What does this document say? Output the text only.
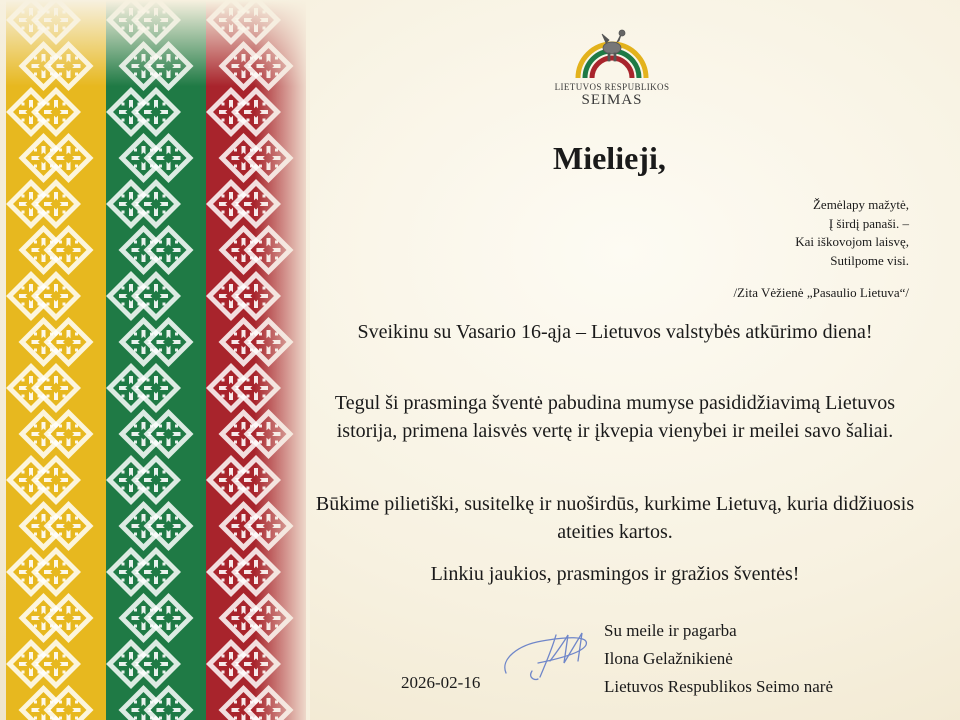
LIETUVOS RESPUBLIKOS
SEIMAS
Mielieji,
Žemėlapy mažytė,
Į širdį panaši. –
Kai iškovojom laisvę,
Sutilpome visi.
/Zita Vėžienė „Pasaulio Lietuva“/
Sveikinu su Vasario 16-ąja – Lietuvos valstybės atkūrimo diena!
Tegul ši prasminga šventė pabudina mumyse pasididžiavimą Lietuvos istorija, primena laisvės vertę ir įkvepia vienybei ir meilei savo šaliai.
Būkime pilietiški, susitelkę ir nuoširdūs, kurkime Lietuvą, kuria didžiuosis ateities kartos.
Linkiu jaukios, prasmingos ir gražios šventės!
Su meile ir pagarba
Ilona Gelažnikienė
Lietuvos Respublikos Seimo narė
2026-02-16
